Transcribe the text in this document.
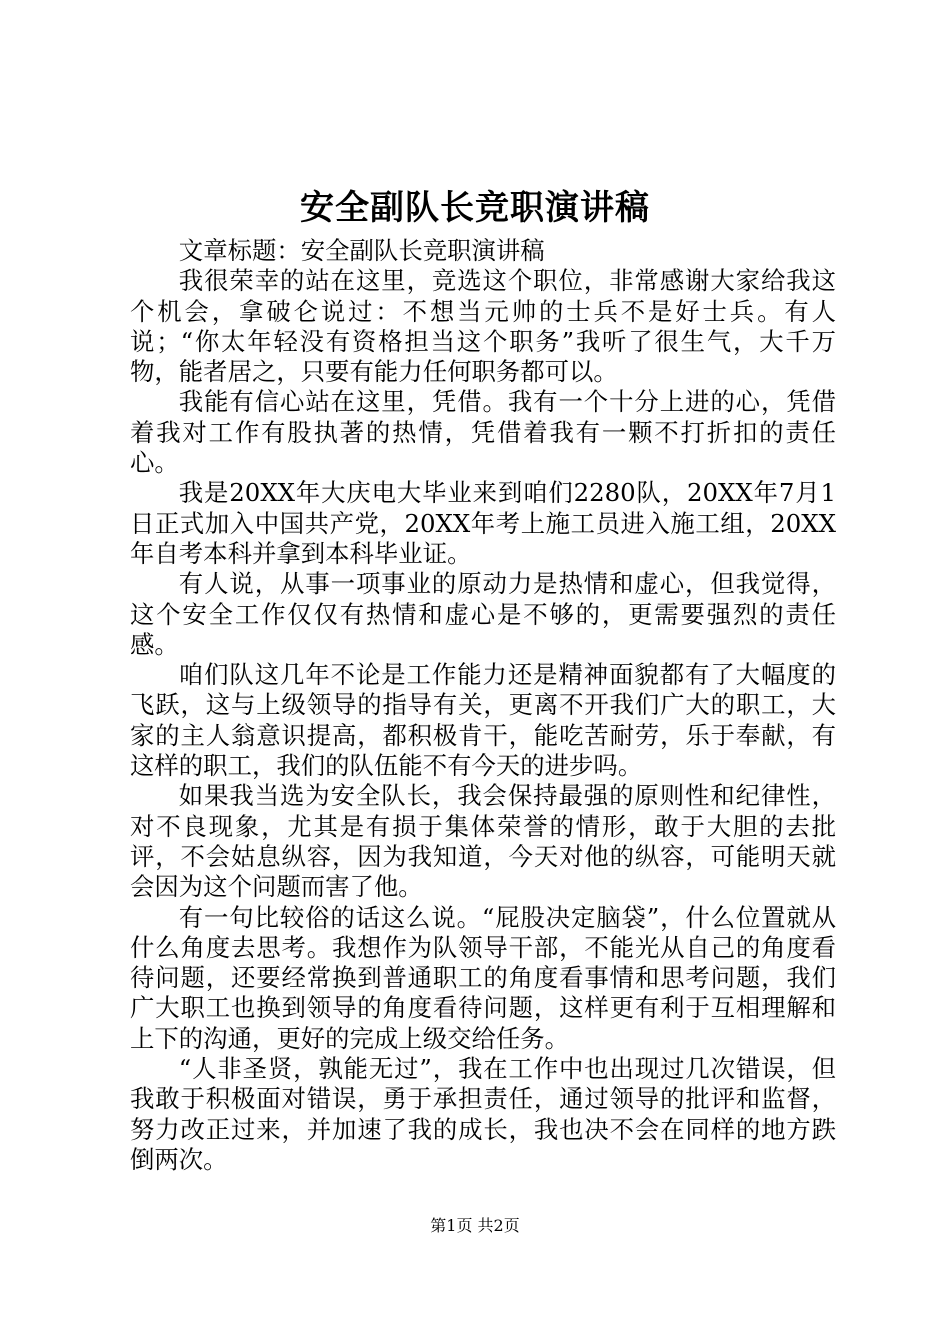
安全副队长竞职演讲稿

文章标题：安全副队长竞职演讲稿

我很荣幸的站在这里，竞选这个职位，非常感谢大家给我这个机会，拿破仑说过：不想当元帅的士兵不是好士兵。有人说；“你太年轻没有资格担当这个职务”我听了很生气，大千万物，能者居之，只要有能力任何职务都可以。

我能有信心站在这里，凭借。我有一个十分上进的心，凭借着我对工作有股执著的热情，凭借着我有一颗不打折扣的责任心。

我是20XX年大庆电大毕业来到咱们2280队，20XX年7月1日正式加入中国共产党，20XX年考上施工员进入施工组，20XX年自考本科并拿到本科毕业证。

有人说，从事一项事业的原动力是热情和虚心，但我觉得，这个安全工作仅仅有热情和虚心是不够的，更需要强烈的责任感。

咱们队这几年不论是工作能力还是精神面貌都有了大幅度的飞跃，这与上级领导的指导有关，更离不开我们广大的职工，大家的主人翁意识提高，都积极肯干，能吃苦耐劳，乐于奉献，有这样的职工，我们的队伍能不有今天的进步吗。

如果我当选为安全队长，我会保持最强的原则性和纪律性，对不良现象，尤其是有损于集体荣誉的情形，敢于大胆的去批评，不会姑息纵容，因为我知道，今天对他的纵容，可能明天就会因为这个问题而害了他。

有一句比较俗的话这么说。“屁股决定脑袋”，什么位置就从什么角度去思考。我想作为队领导干部，不能光从自己的角度看待问题，还要经常换到普通职工的角度看事情和思考问题，我们广大职工也换到领导的角度看待问题，这样更有利于互相理解和上下的沟通，更好的完成上级交给任务。

“人非圣贤，孰能无过”，我在工作中也出现过几次错误，但我敢于积极面对错误，勇于承担责任，通过领导的批评和监督，努力改正过来，并加速了我的成长，我也决不会在同样的地方跌倒两次。

第1页 共2页
